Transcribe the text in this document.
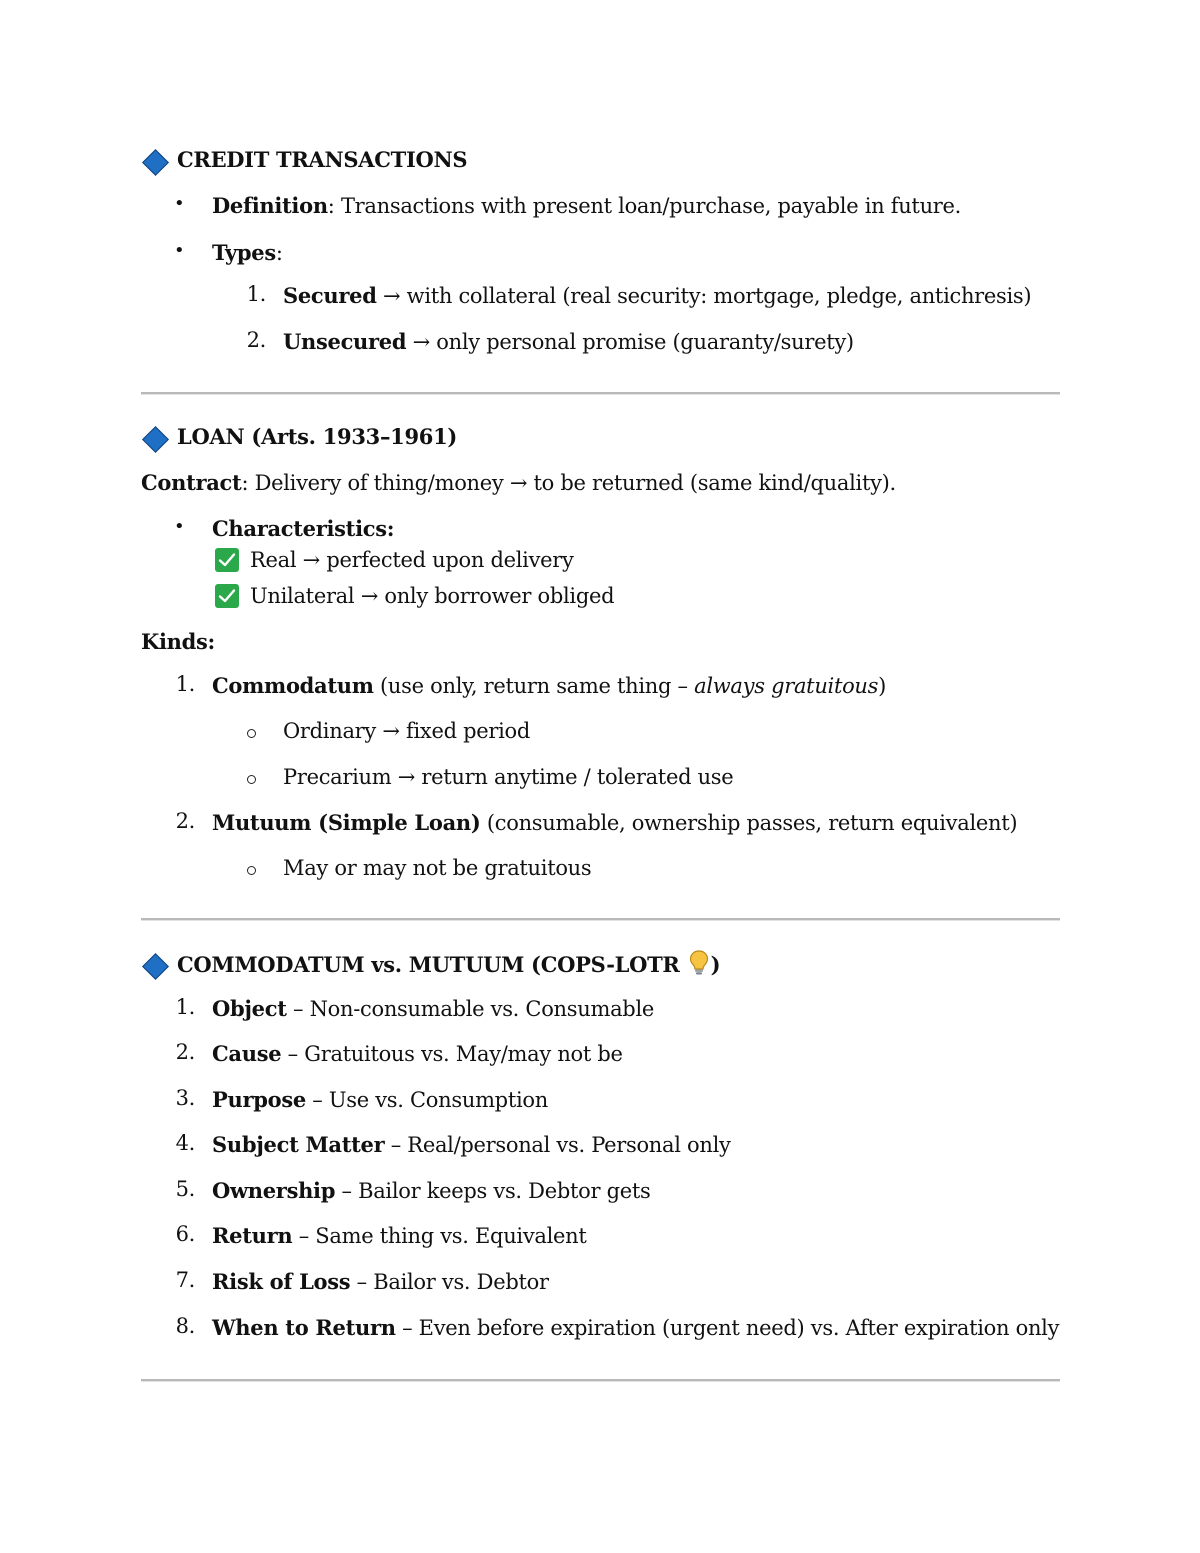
CREDIT TRANSACTIONS
• Definition: Transactions with present loan/purchase, payable in future.
• Types:
1. Secured → with collateral (real security: mortgage, pledge, antichresis)
2. Unsecured → only personal promise (guaranty/surety)
LOAN (Arts. 1933–1961)
Contract: Delivery of thing/money → to be returned (same kind/quality).
• Characteristics:
Real → perfected upon delivery
Unilateral → only borrower obliged
Kinds:
1. Commodatum (use only, return same thing – always gratuitous)
Ordinary → fixed period
Precarium → return anytime / tolerated use
2. Mutuum (Simple Loan) (consumable, ownership passes, return equivalent)
May or may not be gratuitous
COMMODATUM vs. MUTUUM (COPS-LOTR )
1. Object – Non-consumable vs. Consumable
2. Cause – Gratuitous vs. May/may not be
3. Purpose – Use vs. Consumption
4. Subject Matter – Real/personal vs. Personal only
5. Ownership – Bailor keeps vs. Debtor gets
6. Return – Same thing vs. Equivalent
7. Risk of Loss – Bailor vs. Debtor
8. When to Return – Even before expiration (urgent need) vs. After expiration only
